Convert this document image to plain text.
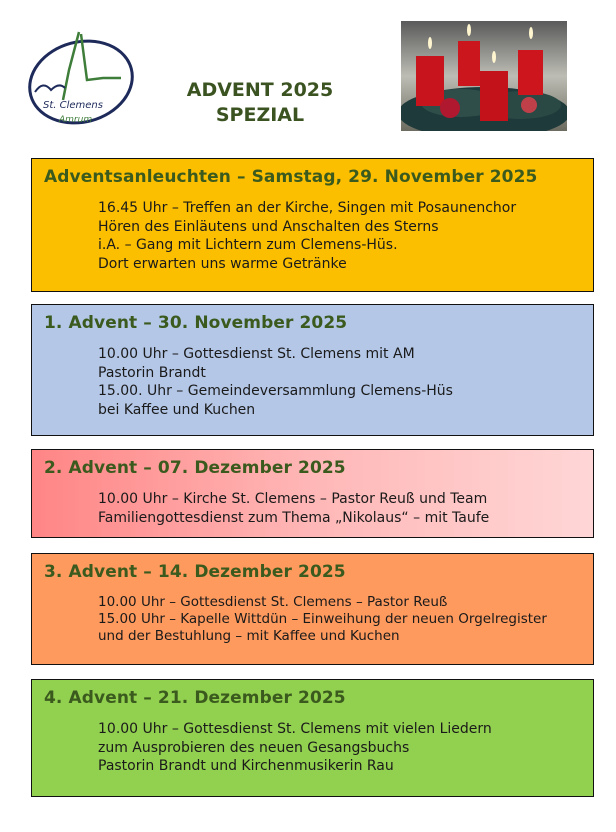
St. Clemens
Amrum
ADVENT 2025
SPEZIAL
Adventsanleuchten – Samstag, 29. November 2025
16.45 Uhr – Treffen an der Kirche, Singen mit Posaunenchor
Hören des Einläutens und Anschalten des Sterns
i.A. – Gang mit Lichtern zum Clemens-Hüs.
Dort erwarten uns warme Getränke
1. Advent – 30. November 2025
10.00 Uhr – Gottesdienst St. Clemens mit AM
Pastorin Brandt
15.00. Uhr – Gemeindeversammlung Clemens-Hüs
bei Kaffee und Kuchen
2. Advent – 07. Dezember 2025
10.00 Uhr – Kirche St. Clemens – Pastor Reuß und Team
Familiengottesdienst zum Thema „Nikolaus“ – mit Taufe
3. Advent – 14. Dezember 2025
10.00 Uhr – Gottesdienst St. Clemens – Pastor Reuß
15.00 Uhr – Kapelle Wittdün – Einweihung der neuen Orgelregister
und der Bestuhlung – mit Kaffee und Kuchen
4. Advent – 21. Dezember 2025
10.00 Uhr – Gottesdienst St. Clemens mit vielen Liedern
zum Ausprobieren des neuen Gesangsbuchs
Pastorin Brandt und Kirchenmusikerin Rau
